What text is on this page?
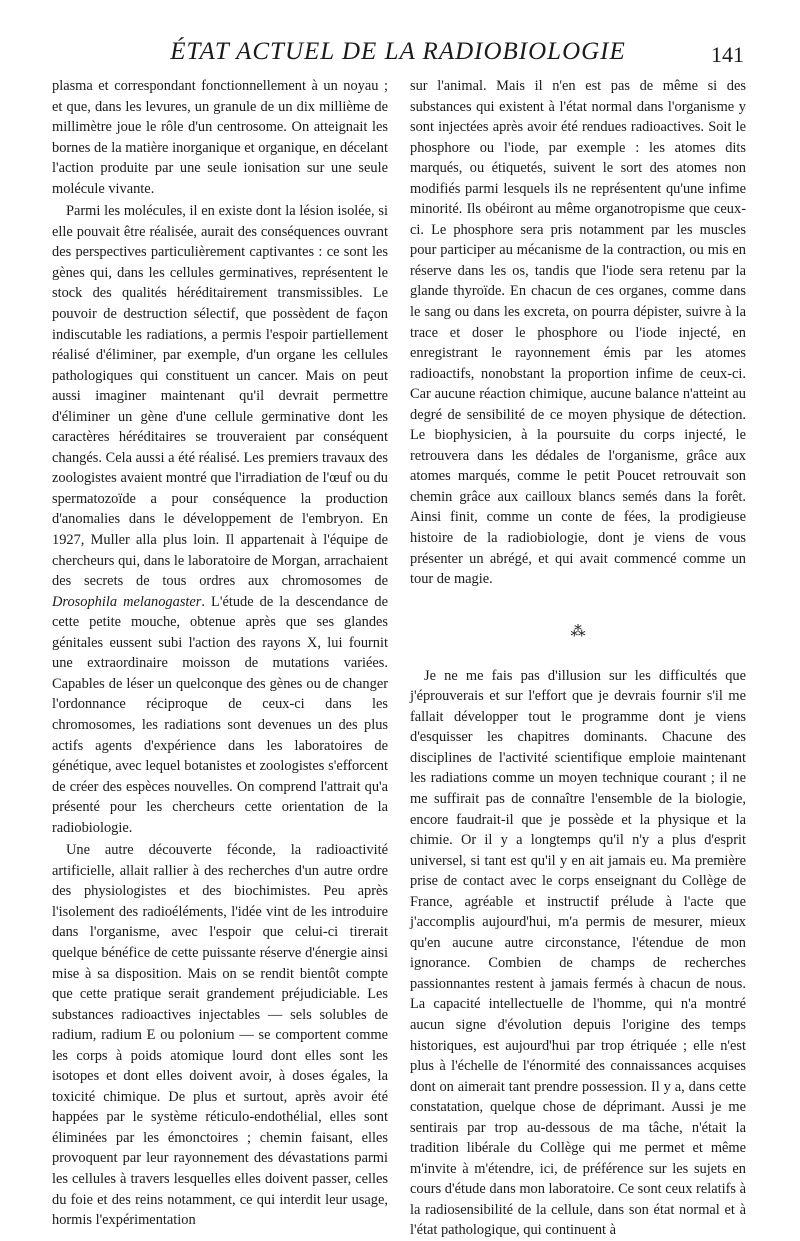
ÉTAT ACTUEL DE LA RADIOBIOLOGIE	141

plasma et correspondant fonctionnellement à un noyau ; et que, dans les levures, un granule de un dix millième de millimètre joue le rôle d'un centrosome. On atteignait les bornes de la matière inorganique et organique, en décelant l'action produite par une seule ionisation sur une seule molécule vivante.

Parmi les molécules, il en existe dont la lésion isolée, si elle pouvait être réalisée, aurait des conséquences ouvrant des perspectives particulièrement captivantes : ce sont les gènes qui, dans les cellules germinatives, représentent le stock des qualités héréditairement transmissibles. Le pouvoir de destruction sélectif, que possèdent de façon indiscutable les radiations, a permis l'espoir partiellement réalisé d'éliminer, par exemple, d'un organe les cellules pathologiques qui constituent un cancer. Mais on peut aussi imaginer maintenant qu'il devrait permettre d'éliminer un gène d'une cellule germinative dont les caractères héréditaires se trouveraient par conséquent changés. Cela aussi a été réalisé. Les premiers travaux des zoologistes avaient montré que l'irradiation de l'œuf ou du spermatozoïde a pour conséquence la production d'anomalies dans le développement de l'embryon. En 1927, Muller alla plus loin. Il appartenait à l'équipe de chercheurs qui, dans le laboratoire de Morgan, arrachaient des secrets de tous ordres aux chromosomes de Drosophila melanogaster. L'étude de la descendance de cette petite mouche, obtenue après que ses glandes génitales eussent subi l'action des rayons X, lui fournit une extraordinaire moisson de mutations variées. Capables de léser un quelconque des gènes ou de changer l'ordonnance réciproque de ceux-ci dans les chromosomes, les radiations sont devenues un des plus actifs agents d'expérience dans les laboratoires de génétique, avec lequel botanistes et zoologistes s'efforcent de créer des espèces nouvelles. On comprend l'attrait qu'a présenté pour les chercheurs cette orientation de la radiobiologie.

Une autre découverte féconde, la radioactivité artificielle, allait rallier à des recherches d'un autre ordre des physiologistes et des biochimistes. Peu après l'isolement des radioéléments, l'idée vint de les introduire dans l'organisme, avec l'espoir que celui-ci tirerait quelque bénéfice de cette puissante réserve d'énergie ainsi mise à sa disposition. Mais on se rendit bientôt compte que cette pratique serait grandement préjudiciable. Les substances radioactives injectables — sels solubles de radium, radium E ou polonium — se comportent comme les corps à poids atomique lourd dont elles sont les isotopes et dont elles doivent avoir, à doses égales, la toxicité chimique. De plus et surtout, après avoir été happées par le système réticulo-endothélial, elles sont éliminées par les émonctoires ; chemin faisant, elles provoquent par leur rayonnement des dévastations parmi les cellules à travers lesquelles elles doivent passer, celles du foie et des reins notamment, ce qui interdit leur usage, hormis l'expérimentation

sur l'animal. Mais il n'en est pas de même si des substances qui existent à l'état normal dans l'organisme y sont injectées après avoir été rendues radioactives. Soit le phosphore ou l'iode, par exemple : les atomes dits marqués, ou étiquetés, suivent le sort des atomes non modifiés parmi lesquels ils ne représentent qu'une infime minorité. Ils obéiront au même organotropisme que ceux-ci. Le phosphore sera pris notamment par les muscles pour participer au mécanisme de la contraction, ou mis en réserve dans les os, tandis que l'iode sera retenu par la glande thyroïde. En chacun de ces organes, comme dans le sang ou dans les excreta, on pourra dépister, suivre à la trace et doser le phosphore ou l'iode injecté, en enregistrant le rayonnement émis par les atomes radioactifs, nonobstant la proportion infime de ceux-ci. Car aucune réaction chimique, aucune balance n'atteint au degré de sensibilité de ce moyen physique de détection. Le biophysicien, à la poursuite du corps injecté, le retrouvera dans les dédales de l'organisme, grâce aux atomes marqués, comme le petit Poucet retrouvait son chemin grâce aux cailloux blancs semés dans la forêt. Ainsi finit, comme un conte de fées, la prodigieuse histoire de la radiobiologie, dont je viens de vous présenter un abrégé, et qui avait commencé comme un tour de magie.

⁂

Je ne me fais pas d'illusion sur les difficultés que j'éprouverais et sur l'effort que je devrais fournir s'il me fallait développer tout le programme dont je viens d'esquisser les chapitres dominants. Chacune des disciplines de l'activité scientifique emploie maintenant les radiations comme un moyen technique courant ; il ne me suffirait pas de connaître l'ensemble de la biologie, encore faudrait-il que je possède et la physique et la chimie. Or il y a longtemps qu'il n'y a plus d'esprit universel, si tant est qu'il y en ait jamais eu. Ma première prise de contact avec le corps enseignant du Collège de France, agréable et instructif prélude à l'acte que j'accomplis aujourd'hui, m'a permis de mesurer, mieux qu'en aucune autre circonstance, l'étendue de mon ignorance. Combien de champs de recherches passionnantes restent à jamais fermés à chacun de nous. La capacité intellectuelle de l'homme, qui n'a montré aucun signe d'évolution depuis l'origine des temps historiques, est aujourd'hui par trop étriquée ; elle n'est plus à l'échelle de l'énormité des connaissances acquises dont on aimerait tant prendre possession. Il y a, dans cette constatation, quelque chose de déprimant. Aussi je me sentirais par trop au-dessous de ma tâche, n'était la tradition libérale du Collège qui me permet et même m'invite à m'étendre, ici, de préférence sur les sujets en cours d'étude dans mon laboratoire. Ce sont ceux relatifs à la radiosensibilité de la cellule, dans son état normal et à l'état pathologique, qui continuent à
